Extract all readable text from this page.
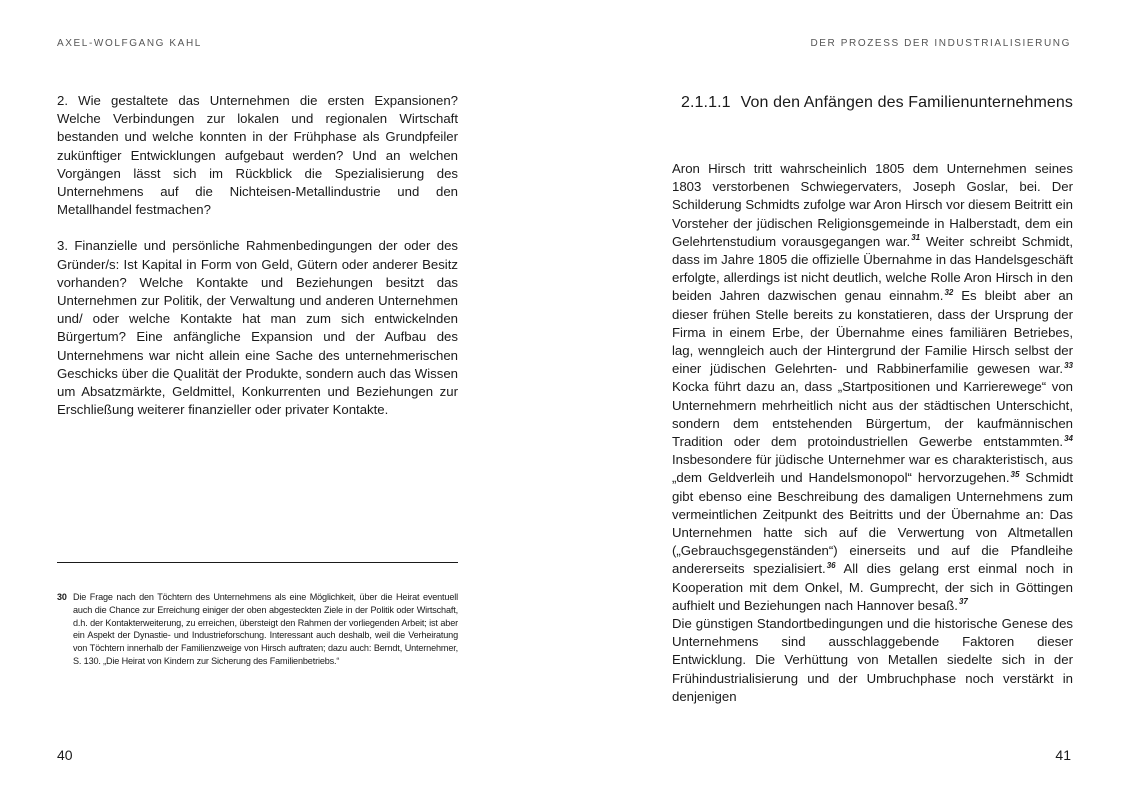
AXEL-WOLFGANG KAHL

2. Wie gestaltete das Unternehmen die ersten Expansionen? Welche Verbindungen zur lokalen und regionalen Wirtschaft bestanden und welche konnten in der Frühphase als Grundpfeiler zukünftiger Entwicklungen aufgebaut werden? Und an welchen Vorgängen lässt sich im Rückblick die Spezialisierung des Unternehmens auf die Nichteisen-Metallindustrie und den Metallhandel festmachen?

3. Finanzielle und persönliche Rahmenbedingungen der oder des Gründer/s: Ist Kapital in Form von Geld, Gütern oder anderer Besitz vorhanden? Welche Kontakte und Beziehungen besitzt das Unternehmen zur Politik, der Verwaltung und anderen Unternehmen und/ oder welche Kontakte hat man zum sich entwickelnden Bürgertum? Eine anfängliche Expansion und der Aufbau des Unternehmens war nicht allein eine Sache des unternehmerischen Geschicks über die Qualität der Produkte, sondern auch das Wissen um Absatzmärkte, Geldmittel, Konkurrenten und Beziehungen zur Erschließung weiterer finanzieller oder privater Kontakte.

30 Die Frage nach den Töchtern des Unternehmens als eine Möglichkeit, über die Heirat eventuell auch die Chance zur Erreichung einiger der oben abgesteckten Ziele in der Politik oder Wirtschaft, d.h. der Kontakterweiterung, zu erreichen, übersteigt den Rahmen der vorliegenden Arbeit; ist aber ein Aspekt der Dynastie- und Industrieforschung. Interessant auch deshalb, weil die Verheiratung von Töchtern innerhalb der Familienzweige von Hirsch auftraten; dazu auch: Berndt, Unternehmer, S. 130. „Die Heirat von Kindern zur Sicherung des Familienbetriebs.“
40
DER PROZESS DER INDUSTRIALISIERUNG
2.1.1.1 Von den Anfängen des Familienunternehmens

Aron Hirsch tritt wahrscheinlich 1805 dem Unternehmen seines 1803 verstorbenen Schwiegervaters, Joseph Goslar, bei. Der Schilderung Schmidts zufolge war Aron Hirsch vor diesem Beitritt ein Vorsteher der jüdischen Religionsgemeinde in Halberstadt, dem ein Gelehrtenstudium vorausgegangen war.$^{31}$ Weiter schreibt Schmidt, dass im Jahre 1805 die offizielle Übernahme in das Handelsgeschäft erfolgte, allerdings ist nicht deutlich, welche Rolle Aron Hirsch in den beiden Jahren dazwischen genau einnahm.$^{32}$ Es bleibt aber an dieser frühen Stelle bereits zu konstatieren, dass der Ursprung der Firma in einem Erbe, der Übernahme eines familiären Betriebes, lag, wenngleich auch der Hintergrund der Familie Hirsch selbst der einer jüdischen Gelehrten- und Rabbinerfamilie gewesen war.$^{33}$ Kocka führt dazu an, dass „Startpositionen und Karrierewege“ von Unternehmern mehrheitlich nicht aus der städtischen Unterschicht, sondern dem entstehenden Bürgertum, der kaufmännischen Tradition oder dem protoindustriellen Gewerbe entstammten.$^{34}$ Insbesondere für jüdische Unternehmer war es charakteristisch, aus „dem Geldverleih und Handelsmonopol“ hervorzugehen.$^{35}$ Schmidt gibt ebenso eine Beschreibung des damaligen Unternehmens zum vermeintlichen Zeitpunkt des Beitritts und der Übernahme an: Das Unternehmen hatte sich auf die Verwertung von Altmetallen („Gebrauchsgegenständen“) einerseits und auf die Pfandleihe andererseits spezialisiert.$^{36}$ All dies gelang erst einmal noch in Kooperation mit dem Onkel, M. Gumprecht, der sich in Göttingen aufhielt und Beziehungen nach Hannover besaß.$^{37}$

Die günstigen Standortbedingungen und die historische Genese des Unternehmens sind ausschlaggebende Faktoren dieser Entwicklung. Die Verhüttung von Metallen siedelte sich in der Frühindustrialisierung und der Umbruchphase noch verstärkt in denjenigen

41
